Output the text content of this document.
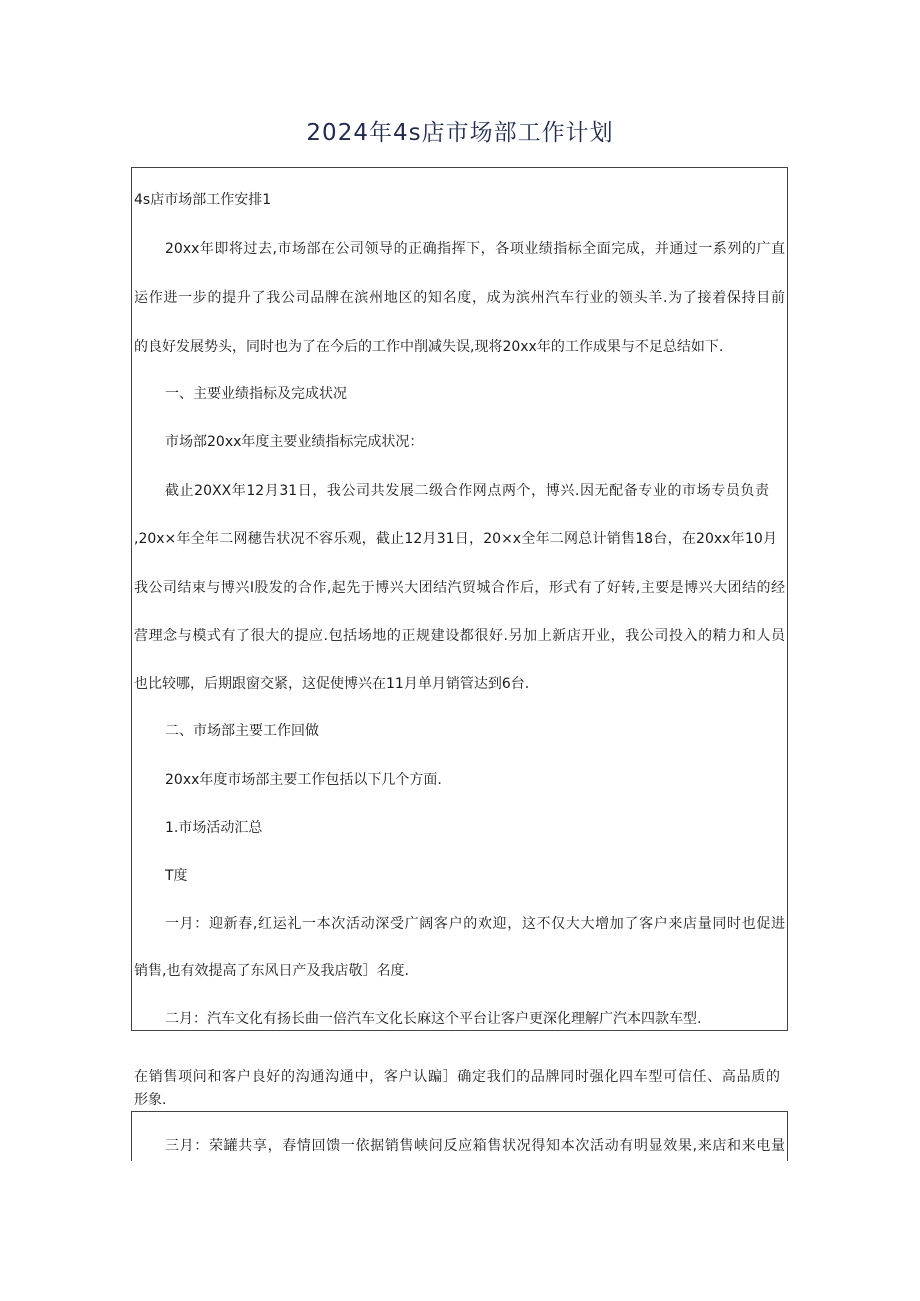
2024年4s店市场部工作计划
4s店市场部工作安排1
20xx年即将过去,市场部在公司领导的正确指挥下，各项业绩指标全面完成，并通过一系列的广直
运作进一步的提升了我公司品牌在滨州地区的知名度，成为滨州汽车行业的领头羊.为了接着保持目前
的良好发展势头，同时也为了在今后的工作中削减失误,现将20xx年的工作成果与不足总结如下.
一、主要业绩指标及完成状况
市场部20xx年度主要业绩指标完成状况：
截止20XX年12月31日，我公司共发展二级合作网点两个，博兴.因无配备专业的市场专员负责
,20x×年全年二网穗告状况不容乐观，截止12月31日，20×x全年二网总计销售18台，在20xx年10月
我公司结束与博兴I股发的合作,起先于博兴大团结汽贸城合作后，形式有了好转,主要是博兴大团结的经
营理念与模式有了很大的提应.包括场地的正规建设都很好.另加上新店开业，我公司投入的精力和人员
也比较哪，后期跟窗交紧，这促使博兴在11月单月销管达到6台.
二、市场部主要工作回做
20xx年度市场部主要工作包括以下几个方面.
1.市场活动汇总
T度
一月：迎新春,红运礼一本次活动深受广阔客户的欢迎，这不仅大大增加了客户来店量同时也促进
销售,也有效提高了东风日产及我店敬］名度.
二月：汽车文化有扬长曲一倍汽车文化长麻这个平台让客户更深化理解广汽本四款车型.
在销售项问和客户良好的沟通沟通中，客户认蹁］确定我们的品牌同时强化四车型可信任、高品质的
形象.
三月：荣罐共享，春情回馈一依据销售峡问反应箱售状况得知本次活动有明显效果,来店和来电量
